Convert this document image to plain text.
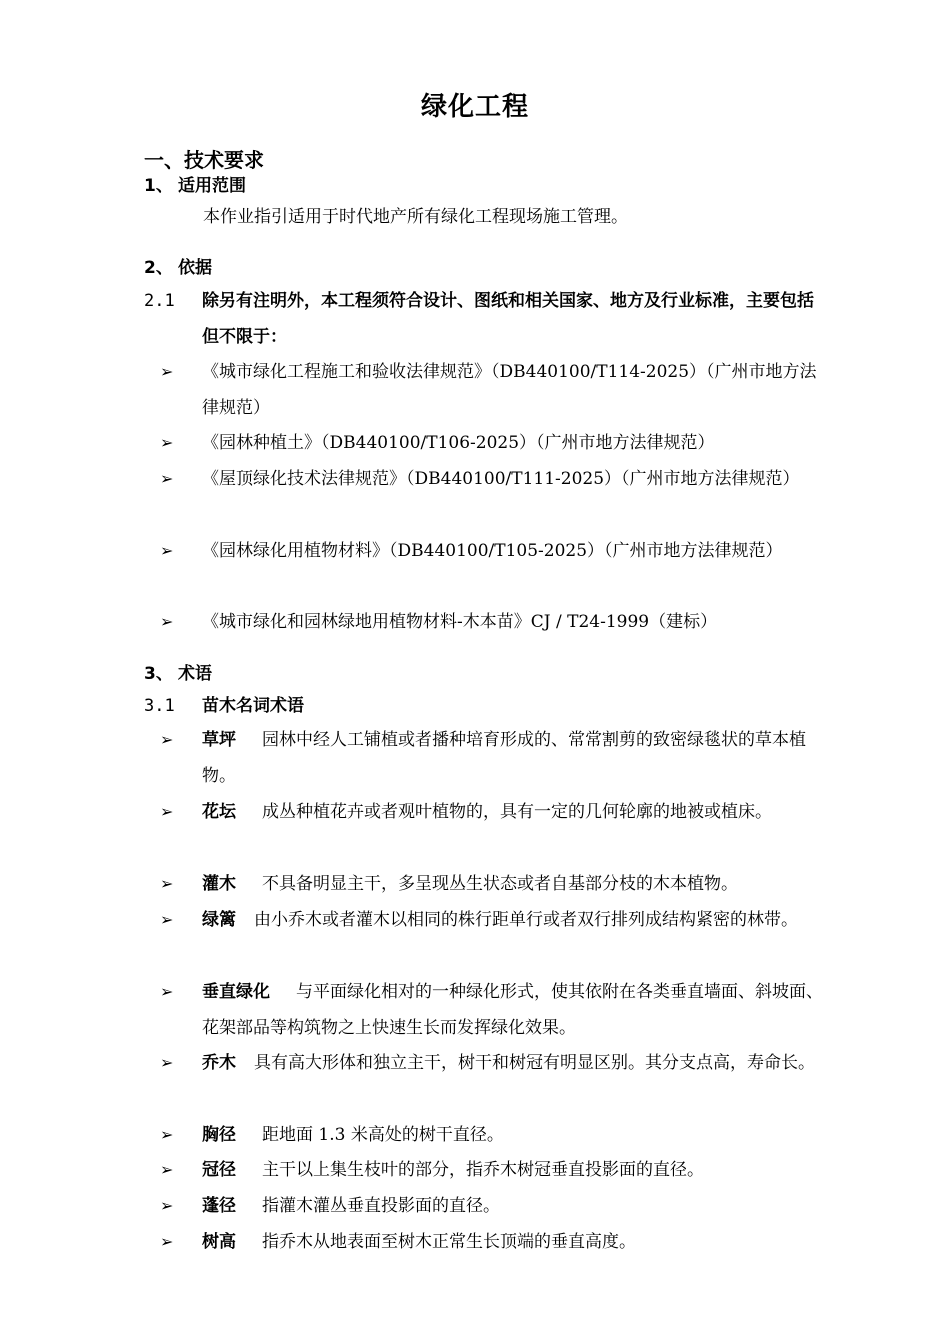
绿化工程
一、技术要求
1、 适用范围
本作业指引适用于时代地产所有绿化工程现场施工管理。
2、 依据
2.1 除另有注明外，本工程须符合设计、图纸和相关国家、地方及行业标准，主要包括但不限于：
➢ 《城市绿化工程施工和验收法律规范》（DB440100/T114-2025）（广州市地方法律规范）
➢ 《园林种植土》（DB440100/T106-2025）（广州市地方法律规范）
➢ 《屋顶绿化技术法律规范》（DB440100/T111-2025）（广州市地方法律规范）
➢ 《园林绿化用植物材料》（DB440100/T105-2025）（广州市地方法律规范）
➢ 《城市绿化和园林绿地用植物材料-木本苗》CJ / T24-1999（建标）
3、 术语
3.1 苗木名词术语
➢ 草坪 园林中经人工铺植或者播种培育形成的、常常割剪的致密绿毯状的草本植物。
➢ 花坛 成丛种植花卉或者观叶植物的，具有一定的几何轮廓的地被或植床。
➢ 灌木 不具备明显主干，多呈现丛生状态或者自基部分枝的木本植物。
➢ 绿篱 由小乔木或者灌木以相同的株行距单行或者双行排列成结构紧密的林带。
➢ 垂直绿化 与平面绿化相对的一种绿化形式，使其依附在各类垂直墙面、斜坡面、花架部品等构筑物之上快速生长而发挥绿化效果。
➢ 乔木 具有高大形体和独立主干，树干和树冠有明显区别。其分支点高，寿命长。
➢ 胸径 距地面 1.3 米高处的树干直径。
➢ 冠径 主干以上集生枝叶的部分，指乔木树冠垂直投影面的直径。
➢ 蓬径 指灌木灌丛垂直投影面的直径。
➢ 树高 指乔木从地表面至树木正常生长顶端的垂直高度。
